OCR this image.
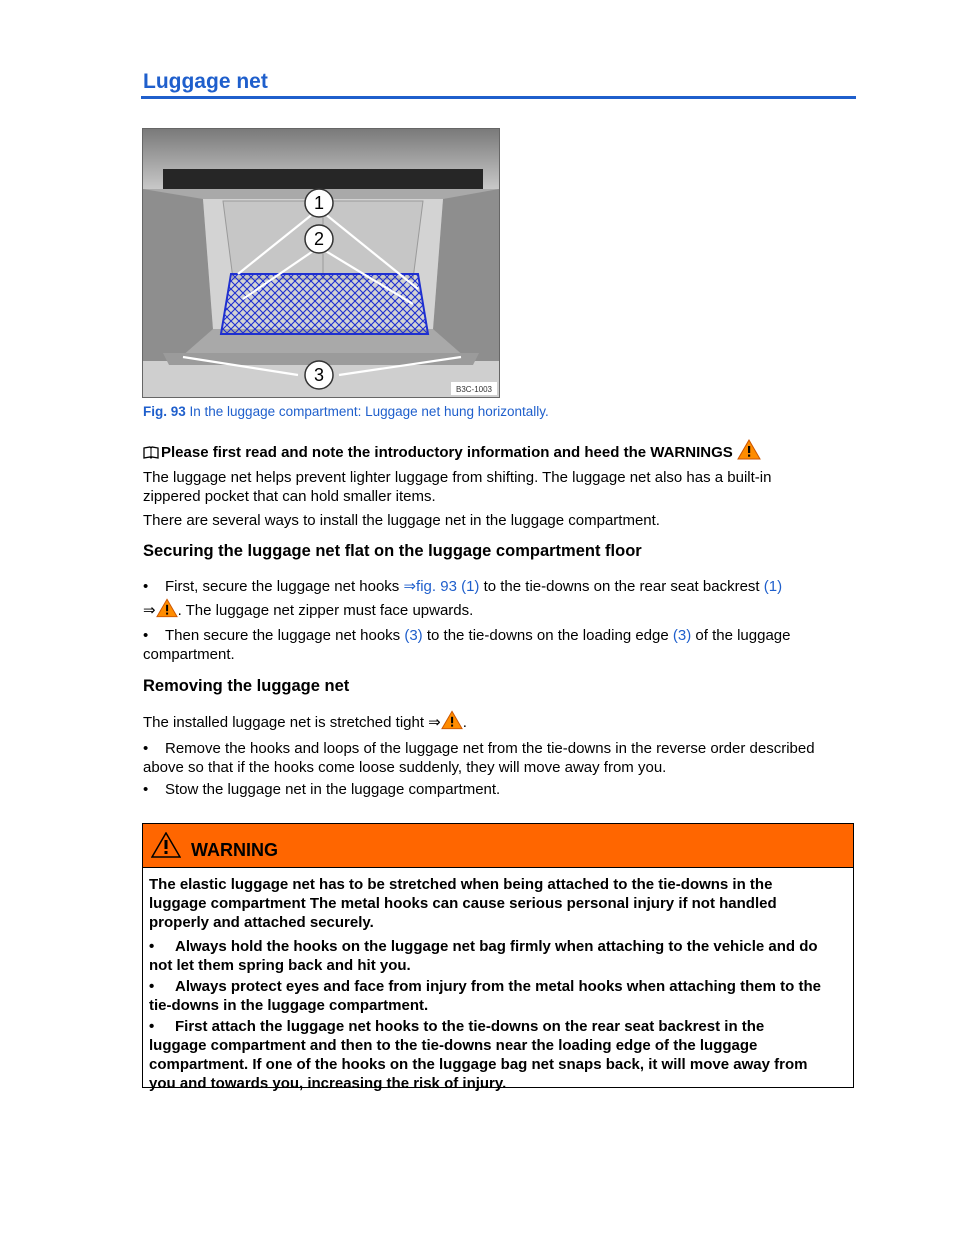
Luggage net
1
2
3
B3C-1003
Fig. 93 In the luggage compartment: Luggage net hung horizontally.
Please first read and note the introductory information and heed the WARNINGS
The luggage net helps prevent lighter luggage from shifting. The luggage net also has a built-in
zippered pocket that can hold smaller items.
There are several ways to install the luggage net in the luggage compartment.
Securing the luggage net flat on the luggage compartment floor
• First, secure the luggage net hooks ⇒fig. 93 (1) to the tie-downs on the rear seat backrest (1)
⇒ . The luggage net zipper must face upwards.
• Then secure the luggage net hooks (3) to the tie-downs on the loading edge (3) of the luggage
compartment.
Removing the luggage net
The installed luggage net is stretched tight ⇒ .
• Remove the hooks and loops of the luggage net from the tie-downs in the reverse order described
above so that if the hooks come loose suddenly, they will move away from you.
• Stow the luggage net in the luggage compartment.
WARNING
The elastic luggage net has to be stretched when being attached to the tie-downs in the
luggage compartment The metal hooks can cause serious personal injury if not handled
properly and attached securely.
• Always hold the hooks on the luggage net bag firmly when attaching to the vehicle and do
not let them spring back and hit you.
• Always protect eyes and face from injury from the metal hooks when attaching them to the
tie-downs in the luggage compartment.
• First attach the luggage net hooks to the tie-downs on the rear seat backrest in the
luggage compartment and then to the tie-downs near the loading edge of the luggage
compartment. If one of the hooks on the luggage bag net snaps back, it will move away from
you and towards you, increasing the risk of injury.
